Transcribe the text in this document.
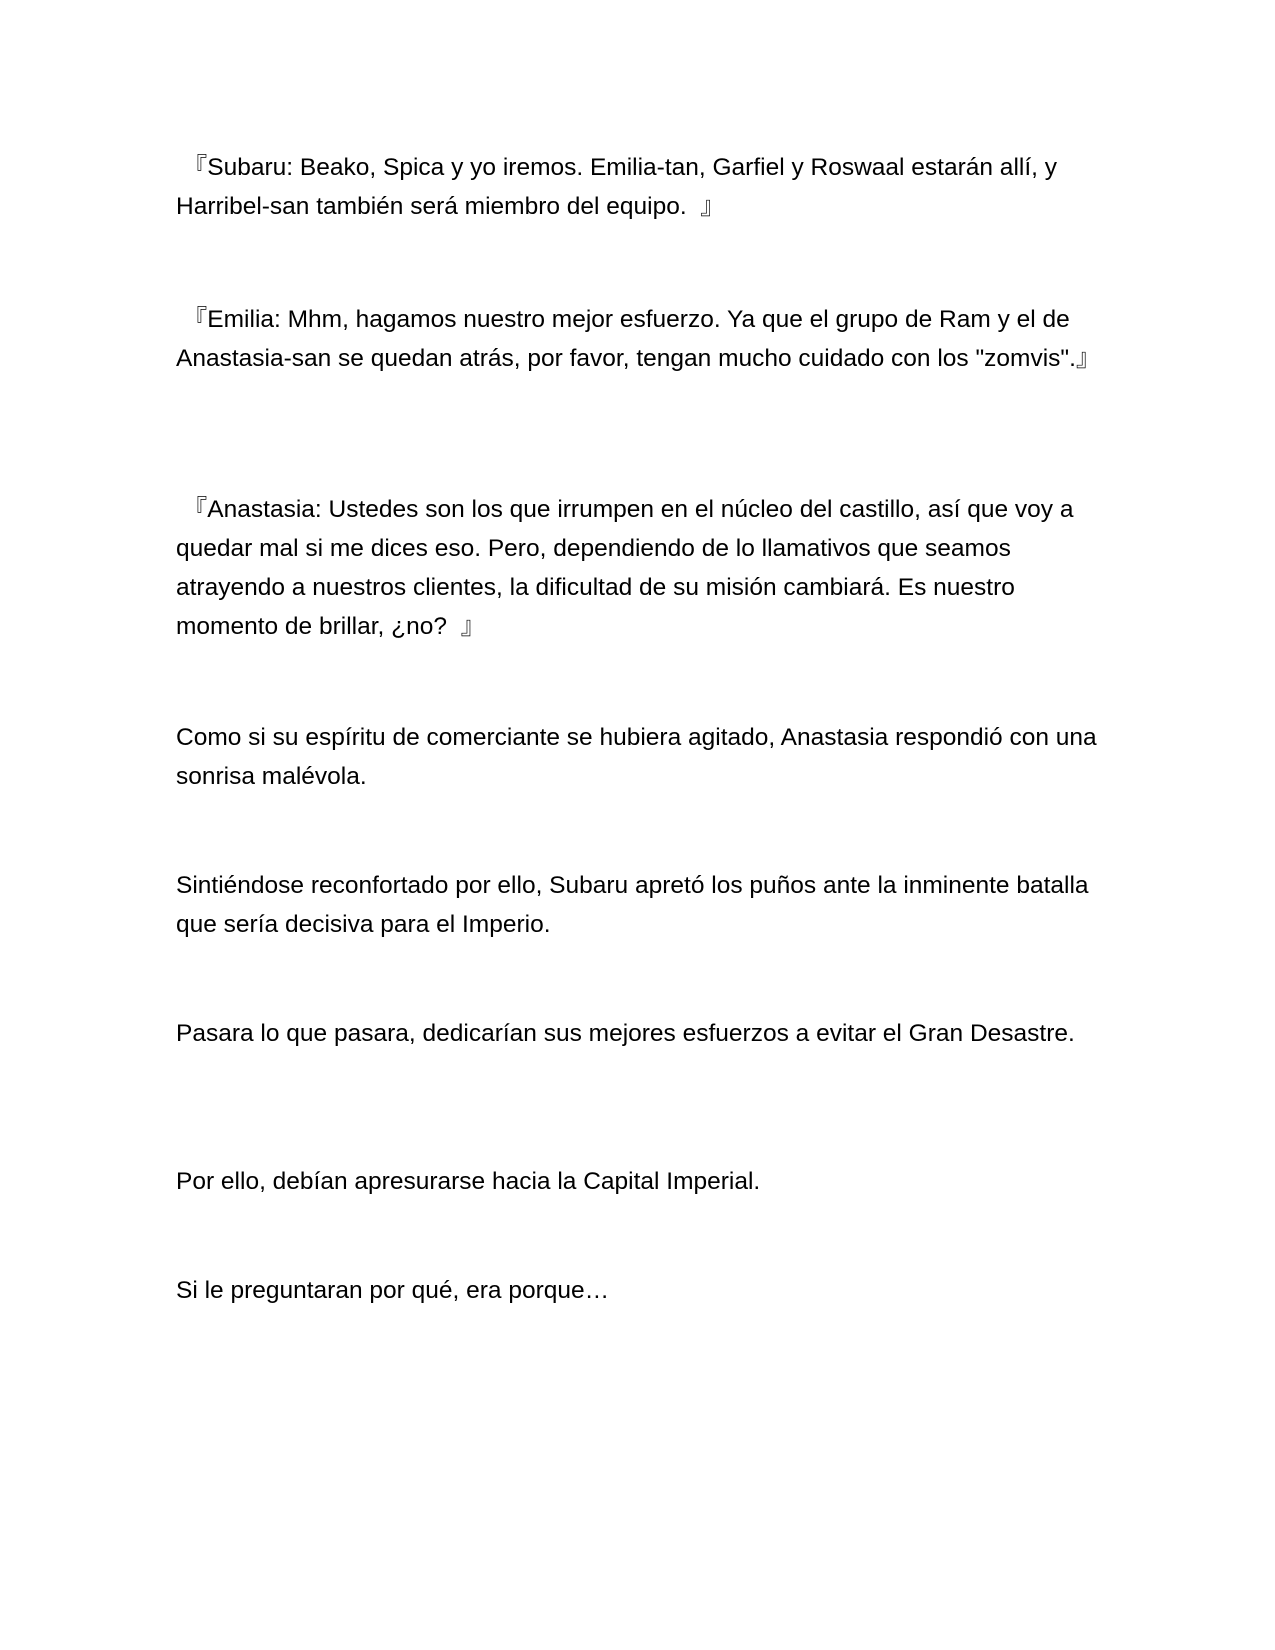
『Subaru: Beako, Spica y yo iremos. Emilia-tan, Garfiel y Roswaal estarán allí, y Harribel-san también será miembro del equipo.  』

『Emilia: Mhm, hagamos nuestro mejor esfuerzo. Ya que el grupo de Ram y el de Anastasia-san se quedan atrás, por favor, tengan mucho cuidado con los "zomvis".』

『Anastasia: Ustedes son los que irrumpen en el núcleo del castillo, así que voy a quedar mal si me dices eso. Pero, dependiendo de lo llamativos que seamos atrayendo a nuestros clientes, la dificultad de su misión cambiará. Es nuestro momento de brillar, ¿no?  』

Como si su espíritu de comerciante se hubiera agitado, Anastasia respondió con una sonrisa malévola.

Sintiéndose reconfortado por ello, Subaru apretó los puños ante la inminente batalla que sería decisiva para el Imperio.

Pasara lo que pasara, dedicarían sus mejores esfuerzos a evitar el Gran Desastre.

Por ello, debían apresurarse hacia la Capital Imperial.

Si le preguntaran por qué, era porque…
